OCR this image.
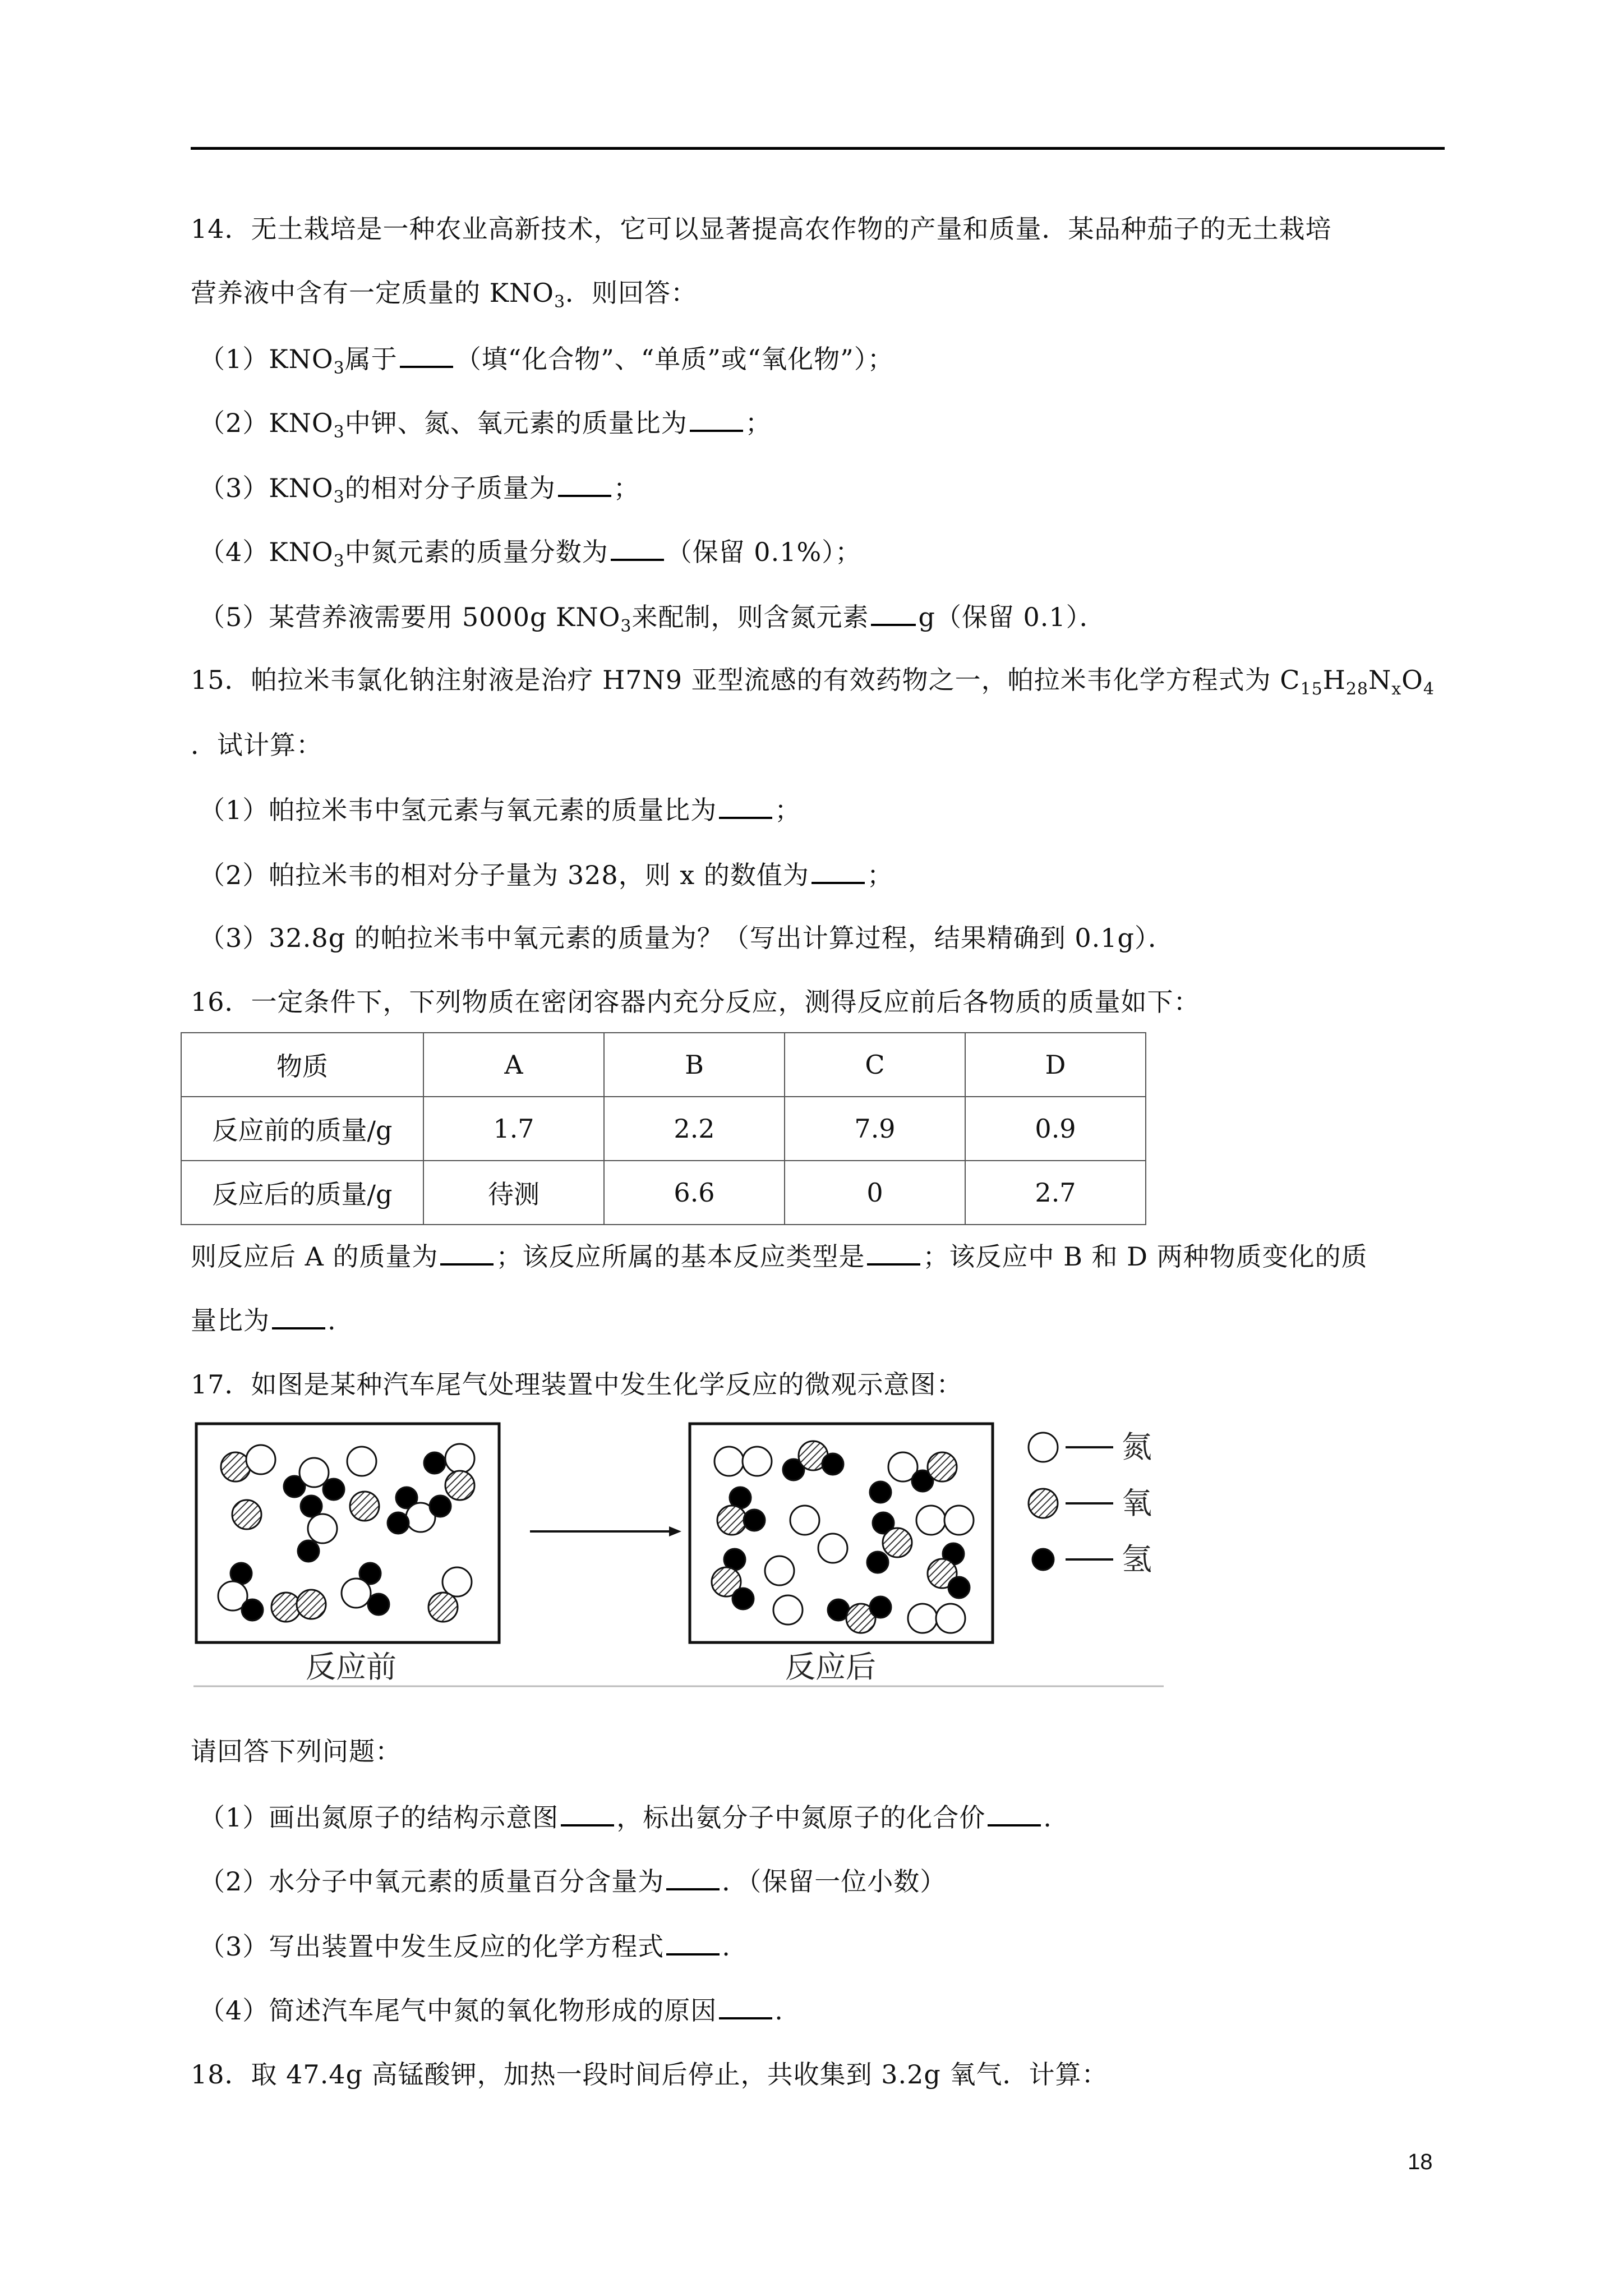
14．无土栽培是一种农业高新技术，它可以显著提高农作物的产量和质量．某品种茄子的无土栽培
营养液中含有一定质量的 $KNO_3$．则回答：
$(1)KNO_3$属于 （填“化合物”、“单质”或“氧化物”）；
$(2)KNO_3$中钾、氮、氧元素的质量比为 ；
$(3)KNO_3$的相对分子质量为 ；
$(4)KNO_3$中氮元素的质量分数为 （保留 0.1%）；
（5）某营养液需要用 5000g $KNO_3$来配制，则含氮元素 g（保留 0.1）．
15．帕拉米韦氯化钠注射液是治疗 H7N9 亚型流感的有效药物之一，帕拉米韦化学方程式为 $C_{15}H_{28}N_xO_4$
．试计算：
（1）帕拉米韦中氢元素与氧元素的质量比为 ；
（2）帕拉米韦的相对分子量为 328，则 x 的数值为 ；
（3）32.8g 的帕拉米韦中氧元素的质量为？（写出计算过程，结果精确到 0.1g）．
16．一定条件下，下列物质在密闭容器内充分反应，测得反应前后各物质的质量如下：
物质	A	B	C	D
反应前的质量/g	1.7	2.2	7.9	0.9
反应后的质量/g	待测	6.6	0	2.7
则反应后 A 的质量为 ；该反应所属的基本反应类型是 ；该反应中 B 和 D 两种物质变化的质
量比为 .
17．如图是某种汽车尾气处理装置中发生化学反应的微观示意图：
氮
氧
氢
反应前	反应后
请回答下列问题：
（1）画出氮原子的结构示意图 ，标出氨分子中氮原子的化合价 .
（2）水分子中氧元素的质量百分含量为 ．（保留一位小数）
（3）写出装置中发生反应的化学方程式 .
（4）简述汽车尾气中氮的氧化物形成的原因 .
18．取 47.4g 高锰酸钾，加热一段时间后停止，共收集到 3.2g 氧气．计算：
18
